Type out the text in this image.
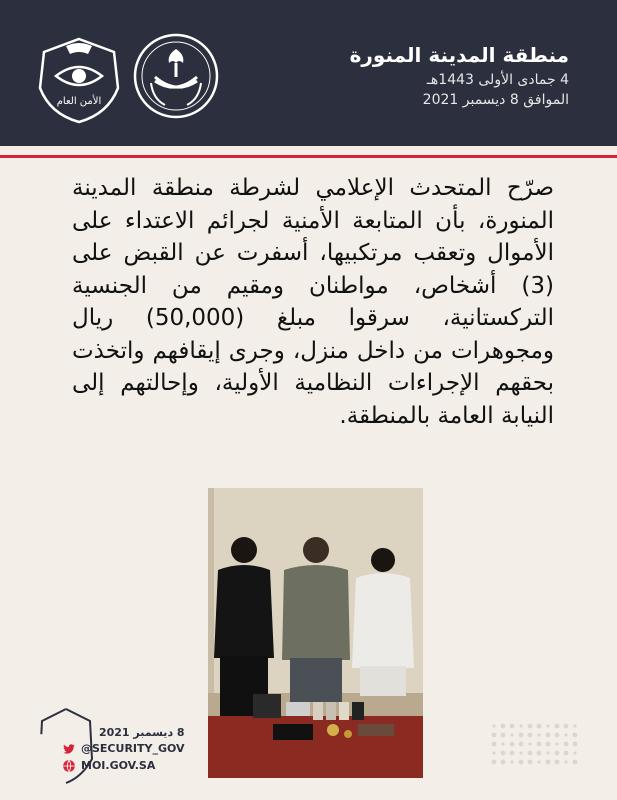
الأمن العام
منطقة المدينة المنورة
4 جمادى الأولى 1443هـ
الموافق 8 ديسمبر 2021
صرّح المتحدث الإعلامي لشرطة منطقة المدينة المنورة، بأن المتابعة الأمنية لجرائم الاعتداء على الأموال وتعقب مرتكبيها، أسفرت عن القبض على (3) أشخاص، مواطنان ومقيم من الجنسية التركستانية، سرقوا مبلغ (50,000) ريال ومجوهرات من داخل منزل، وجرى إيقافهم واتخذت بحقهم الإجراءات النظامية الأولية، وإحالتهم إلى النيابة العامة بالمنطقة.
8 ديسمبر 2021
@SECURITY_GOV
MOI.GOV.SA
